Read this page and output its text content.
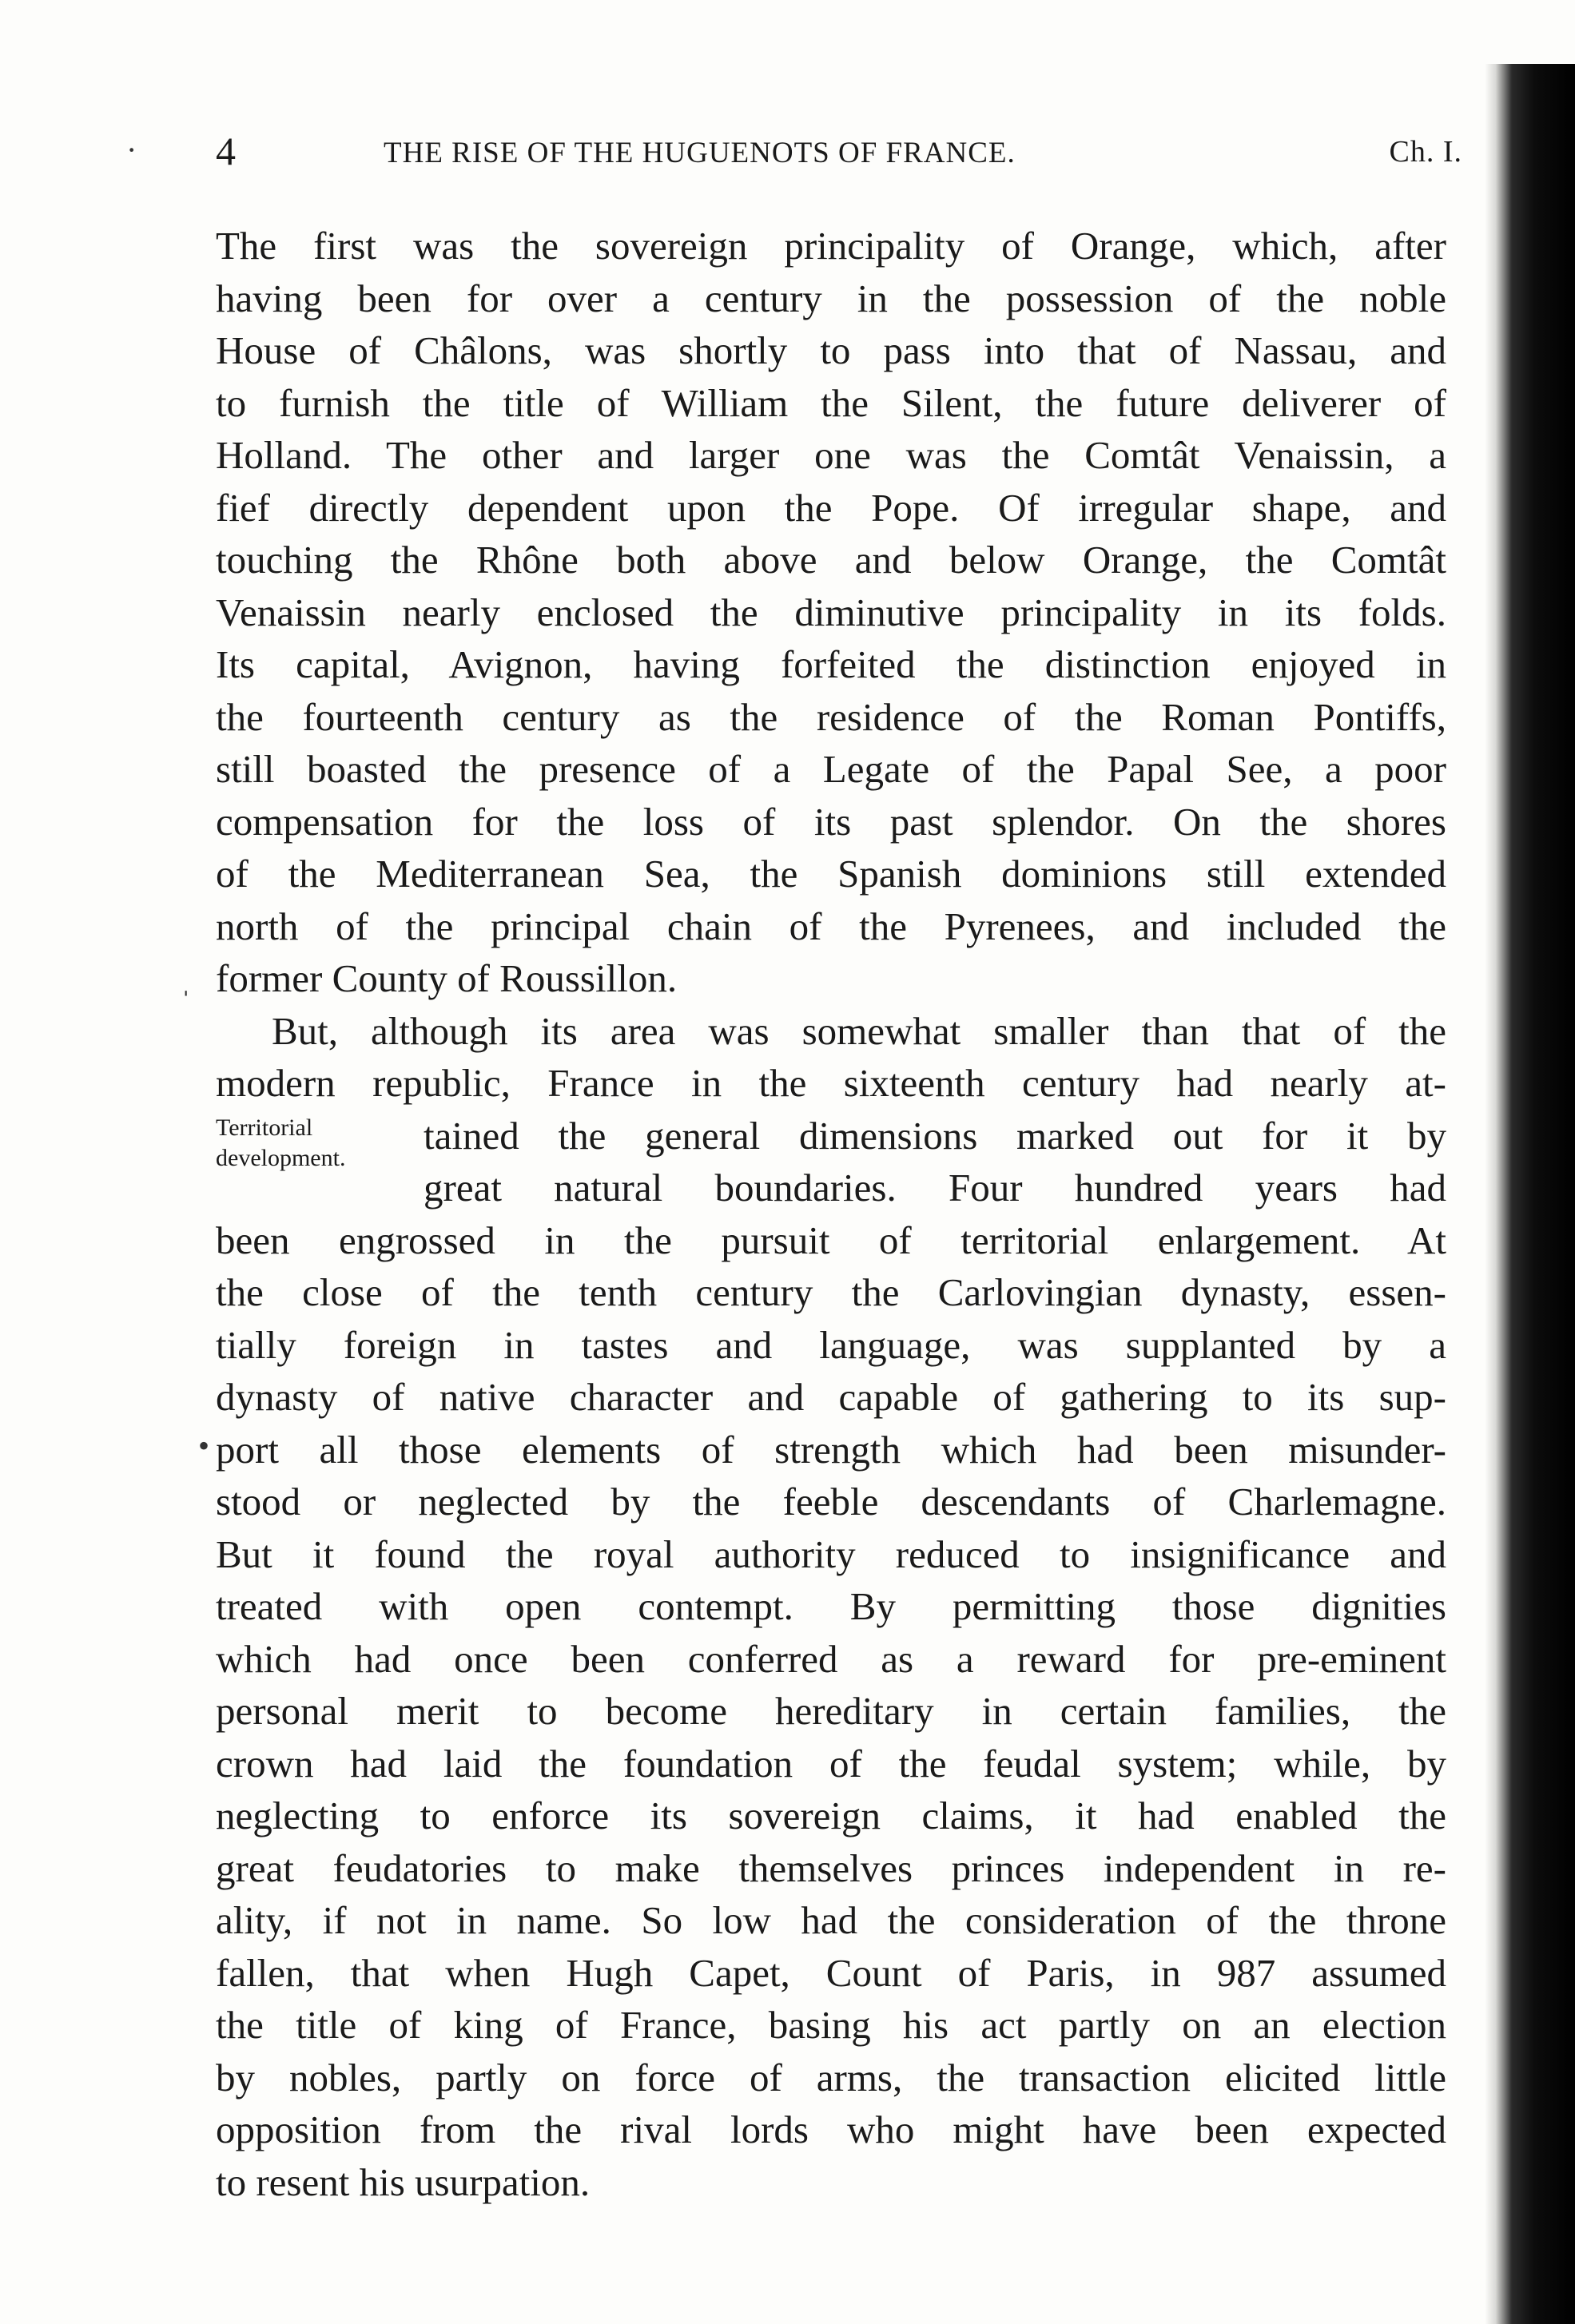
·
ˌ
•
4	THE RISE OF THE HUGUENOTS OF FRANCE.	Ch. I.
Territorial
development.
The first was the sovereign principality of Orange, which, after
having been for over a century in the possession of the noble
House of Châlons, was shortly to pass into that of Nassau, and
to furnish the title of William the Silent, the future deliverer of
Holland. The other and larger one was the Comtât Venaissin, a
fief directly dependent upon the Pope. Of irregular shape, and
touching the Rhône both above and below Orange, the Comtât
Venaissin nearly enclosed the diminutive principality in its folds.
Its capital, Avignon, having forfeited the distinction enjoyed in
the fourteenth century as the residence of the Roman Pontiffs,
still boasted the presence of a Legate of the Papal See, a poor
compensation for the loss of its past splendor. On the shores
of the Mediterranean Sea, the Spanish dominions still extended
north of the principal chain of the Pyrenees, and included the
former County of Roussillon.
But, although its area was somewhat smaller than that of the
modern republic, France in the sixteenth century had nearly at-
tained the general dimensions marked out for it by
great natural boundaries. Four hundred years had
been engrossed in the pursuit of territorial enlargement. At
the close of the tenth century the Carlovingian dynasty, essen-
tially foreign in tastes and language, was supplanted by a
dynasty of native character and capable of gathering to its sup-
port all those elements of strength which had been misunder-
stood or neglected by the feeble descendants of Charlemagne.
But it found the royal authority reduced to insignificance and
treated with open contempt. By permitting those dignities
which had once been conferred as a reward for pre-eminent
personal merit to become hereditary in certain families, the
crown had laid the foundation of the feudal system; while, by
neglecting to enforce its sovereign claims, it had enabled the
great feudatories to make themselves princes independent in re-
ality, if not in name. So low had the consideration of the throne
fallen, that when Hugh Capet, Count of Paris, in 987 assumed
the title of king of France, basing his act partly on an election
by nobles, partly on force of arms, the transaction elicited little
opposition from the rival lords who might have been expected
to resent his usurpation.
